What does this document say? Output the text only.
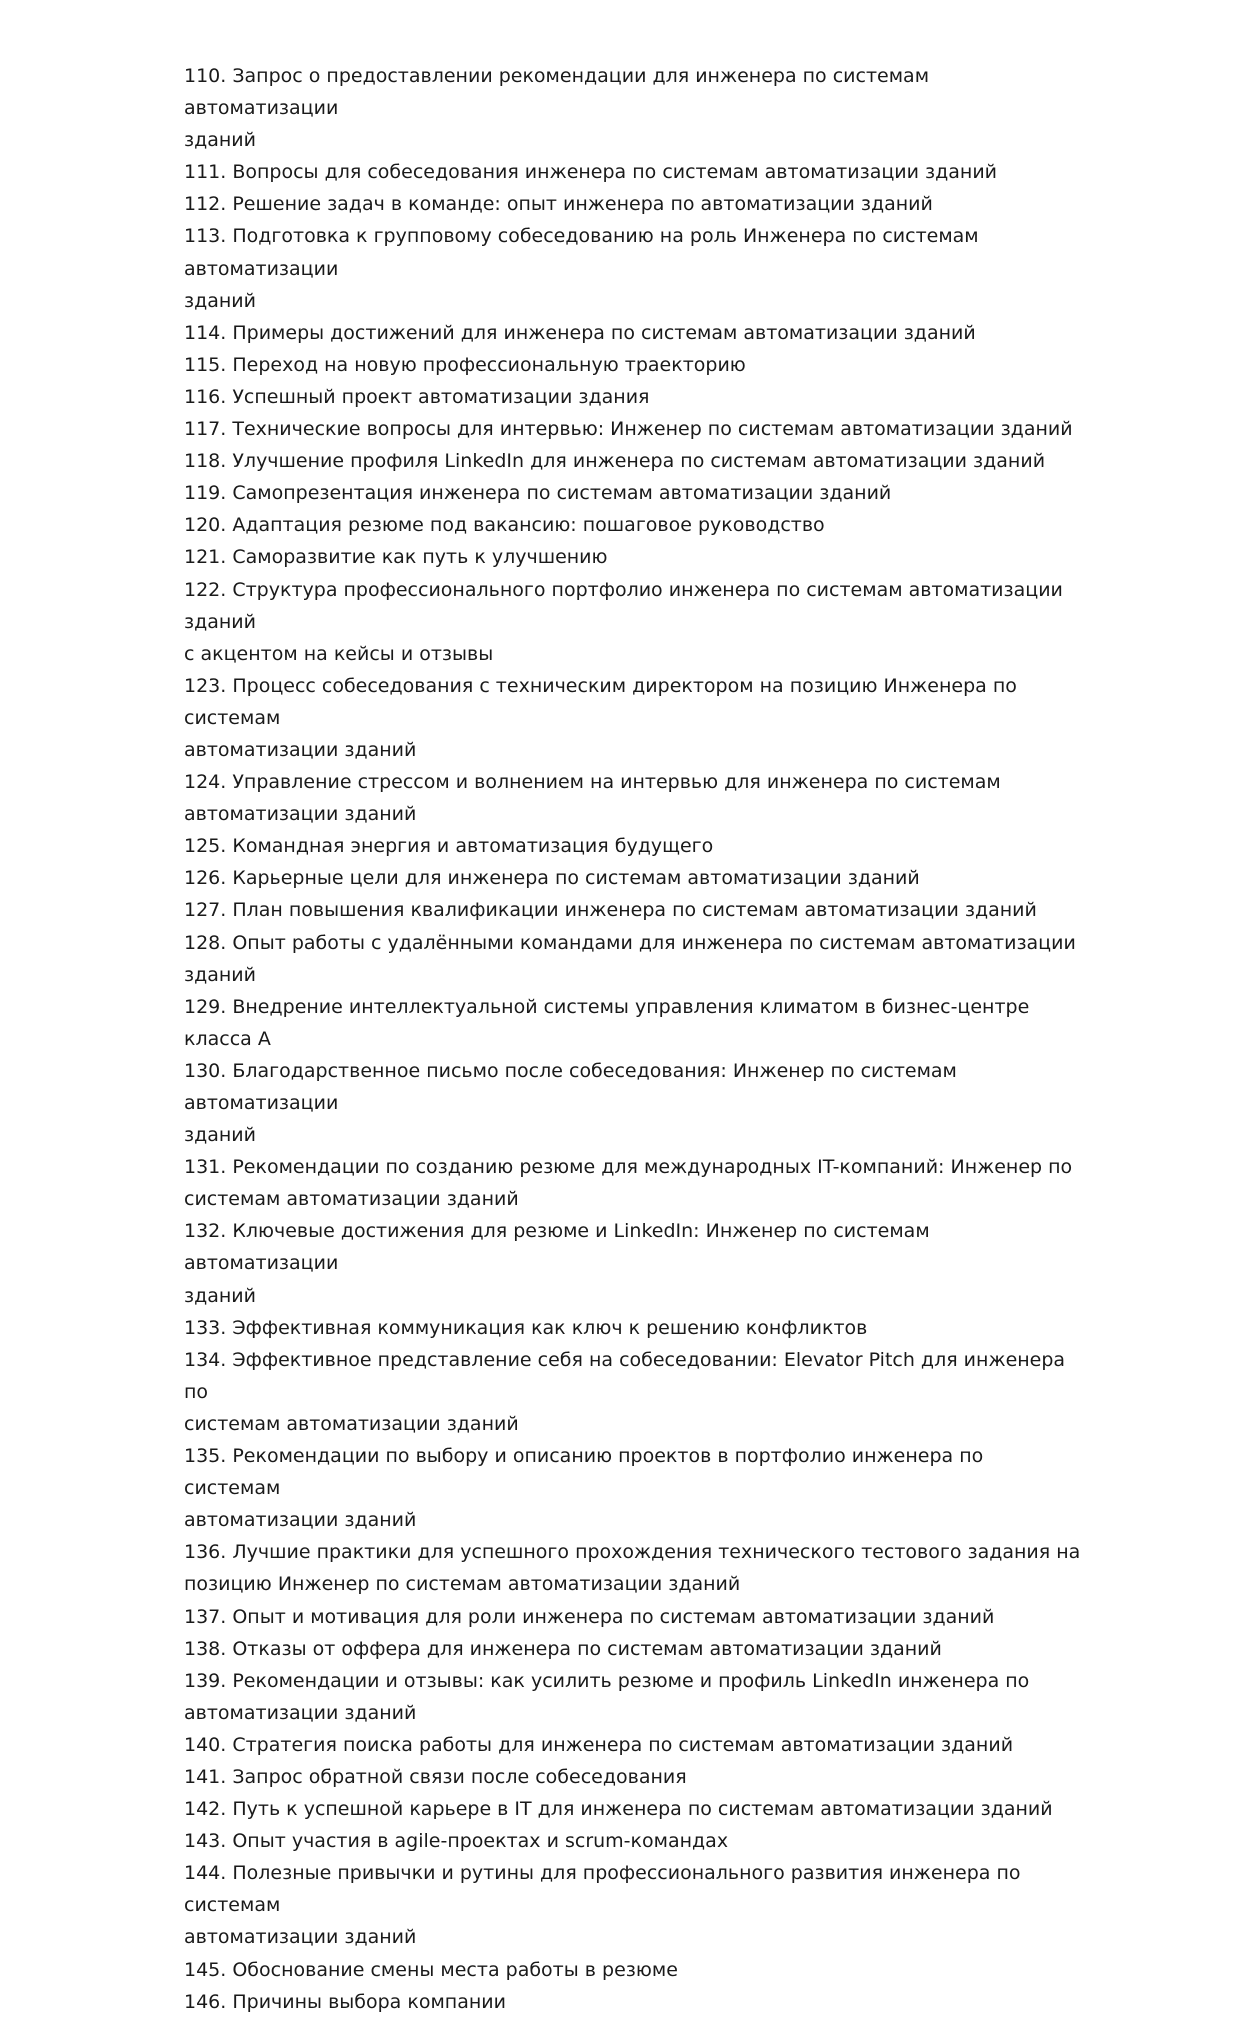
110. Запрос о предоставлении рекомендации для инженера по системам автоматизации
зданий
111. Вопросы для собеседования инженера по системам автоматизации зданий
112. Решение задач в команде: опыт инженера по автоматизации зданий
113. Подготовка к групповому собеседованию на роль Инженера по системам автоматизации
зданий
114. Примеры достижений для инженера по системам автоматизации зданий
115. Переход на новую профессиональную траекторию
116. Успешный проект автоматизации здания
117. Технические вопросы для интервью: Инженер по системам автоматизации зданий
118. Улучшение профиля LinkedIn для инженера по системам автоматизации зданий
119. Самопрезентация инженера по системам автоматизации зданий
120. Адаптация резюме под вакансию: пошаговое руководство
121. Саморазвитие как путь к улучшению
122. Структура профессионального портфолио инженера по системам автоматизации зданий
с акцентом на кейсы и отзывы
123. Процесс собеседования с техническим директором на позицию Инженера по системам
автоматизации зданий
124. Управление стрессом и волнением на интервью для инженера по системам
автоматизации зданий
125. Командная энергия и автоматизация будущего
126. Карьерные цели для инженера по системам автоматизации зданий
127. План повышения квалификации инженера по системам автоматизации зданий
128. Опыт работы с удалёнными командами для инженера по системам автоматизации
зданий
129. Внедрение интеллектуальной системы управления климатом в бизнес-центре класса А
130. Благодарственное письмо после собеседования: Инженер по системам автоматизации
зданий
131. Рекомендации по созданию резюме для международных IT-компаний: Инженер по
системам автоматизации зданий
132. Ключевые достижения для резюме и LinkedIn: Инженер по системам автоматизации
зданий
133. Эффективная коммуникация как ключ к решению конфликтов
134. Эффективное представление себя на собеседовании: Elevator Pitch для инженера по
системам автоматизации зданий
135. Рекомендации по выбору и описанию проектов в портфолио инженера по системам
автоматизации зданий
136. Лучшие практики для успешного прохождения технического тестового задания на
позицию Инженер по системам автоматизации зданий
137. Опыт и мотивация для роли инженера по системам автоматизации зданий
138. Отказы от оффера для инженера по системам автоматизации зданий
139. Рекомендации и отзывы: как усилить резюме и профиль LinkedIn инженера по
автоматизации зданий
140. Стратегия поиска работы для инженера по системам автоматизации зданий
141. Запрос обратной связи после собеседования
142. Путь к успешной карьере в IT для инженера по системам автоматизации зданий
143. Опыт участия в agile-проектах и scrum-командах
144. Полезные привычки и рутины для профессионального развития инженера по системам
автоматизации зданий
145. Обоснование смены места работы в резюме
146. Причины выбора компании
